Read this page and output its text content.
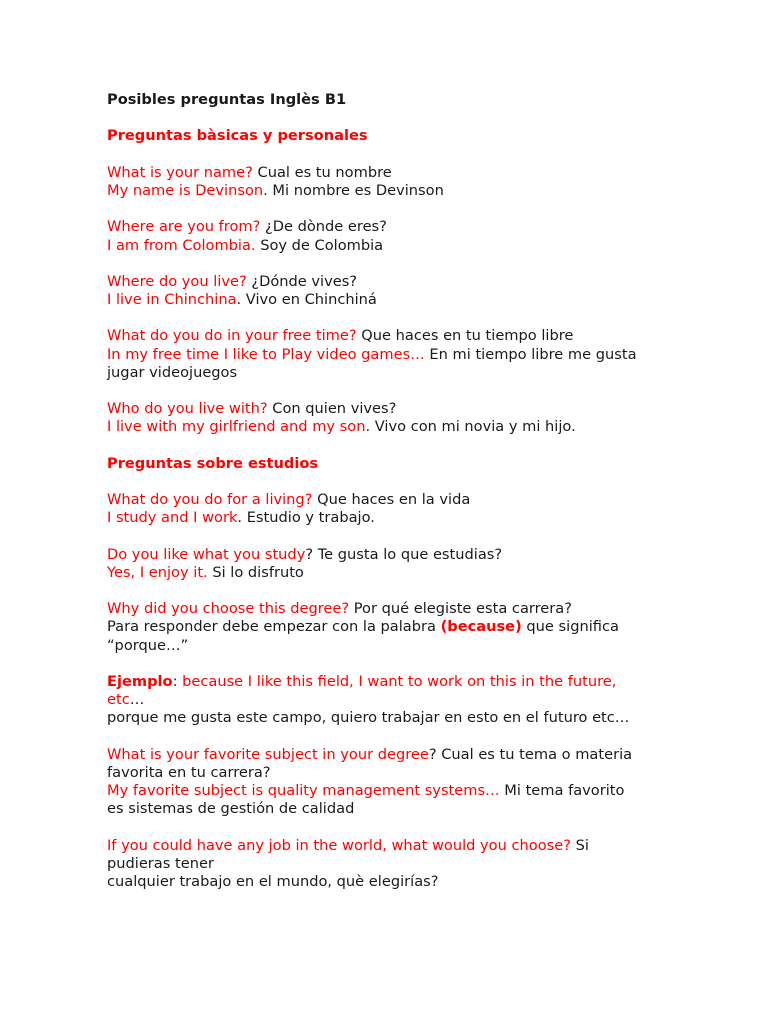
Posibles preguntas Inglès B1
Preguntas bàsicas y personales
What is your name? Cual es tu nombre
My name is Devinson. Mi nombre es Devinson
Where are you from? ¿De dònde eres?
I am from Colombia. Soy de Colombia
Where do you live? ¿Dónde vives?
I live in Chinchina. Vivo en Chinchiná
What do you do in your free time? Que haces en tu tiempo libre
In my free time I like to Play video games… En mi tiempo libre me gusta
jugar videojuegos
Who do you live with? Con quien vives?
I live with my girlfriend and my son. Vivo con mi novia y mi hijo.
Preguntas sobre estudios
What do you do for a living? Que haces en la vida
I study and I work. Estudio y trabajo.
Do you like what you study? Te gusta lo que estudias?
Yes, I enjoy it. Si lo disfruto
Why did you choose this degree? Por qué elegiste esta carrera?
Para responder debe empezar con la palabra (because) que significa
“porque…”
Ejemplo: because I like this field, I want to work on this in the future,
etc…
porque me gusta este campo, quiero trabajar en esto en el futuro etc…
What is your favorite subject in your degree? Cual es tu tema o materia
favorita en tu carrera?
My favorite subject is quality management systems… Mi tema favorito
es sistemas de gestión de calidad
If you could have any job in the world, what would you choose? Si
pudieras tener
cualquier trabajo en el mundo, què elegirías?
